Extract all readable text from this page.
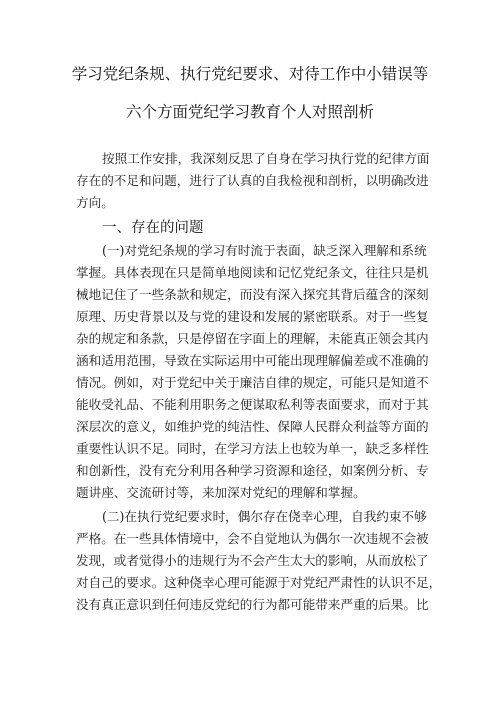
学习党纪条规、执行党纪要求、对待工作中小错误等
六个方面党纪学习教育个人对照剖析
按照工作安排，我深刻反思了自身在学习执行党的纪律方面
存在的不足和问题，进行了认真的自我检视和剖析，以明确改进
方向。
一、存在的问题
(一)对党纪条规的学习有时流于表面，缺乏深入理解和系统
掌握。具体表现在只是简单地阅读和记忆党纪条文，往往只是机
械地记住了一些条款和规定，而没有深入探究其背后蕴含的深刻
原理、历史背景以及与党的建设和发展的紧密联系。对于一些复
杂的规定和条款，只是停留在字面上的理解，未能真正领会其内
涵和适用范围，导致在实际运用中可能出现理解偏差或不准确的
情况。例如，对于党纪中关于廉洁自律的规定，可能只是知道不
能收受礼品、不能利用职务之便谋取私利等表面要求，而对于其
深层次的意义，如维护党的纯洁性、保障人民群众利益等方面的
重要性认识不足。同时，在学习方法上也较为单一，缺乏多样性
和创新性，没有充分利用各种学习资源和途径，如案例分析、专
题讲座、交流研讨等，来加深对党纪的理解和掌握。
(二)在执行党纪要求时，偶尔存在侥幸心理，自我约束不够
严格。在一些具体情境中，会不自觉地认为偶尔一次违规不会被
发现，或者觉得小的违规行为不会产生太大的影响，从而放松了
对自己的要求。这种侥幸心理可能源于对党纪严肃性的认识不足，
没有真正意识到任何违反党纪的行为都可能带来严重的后果。比
